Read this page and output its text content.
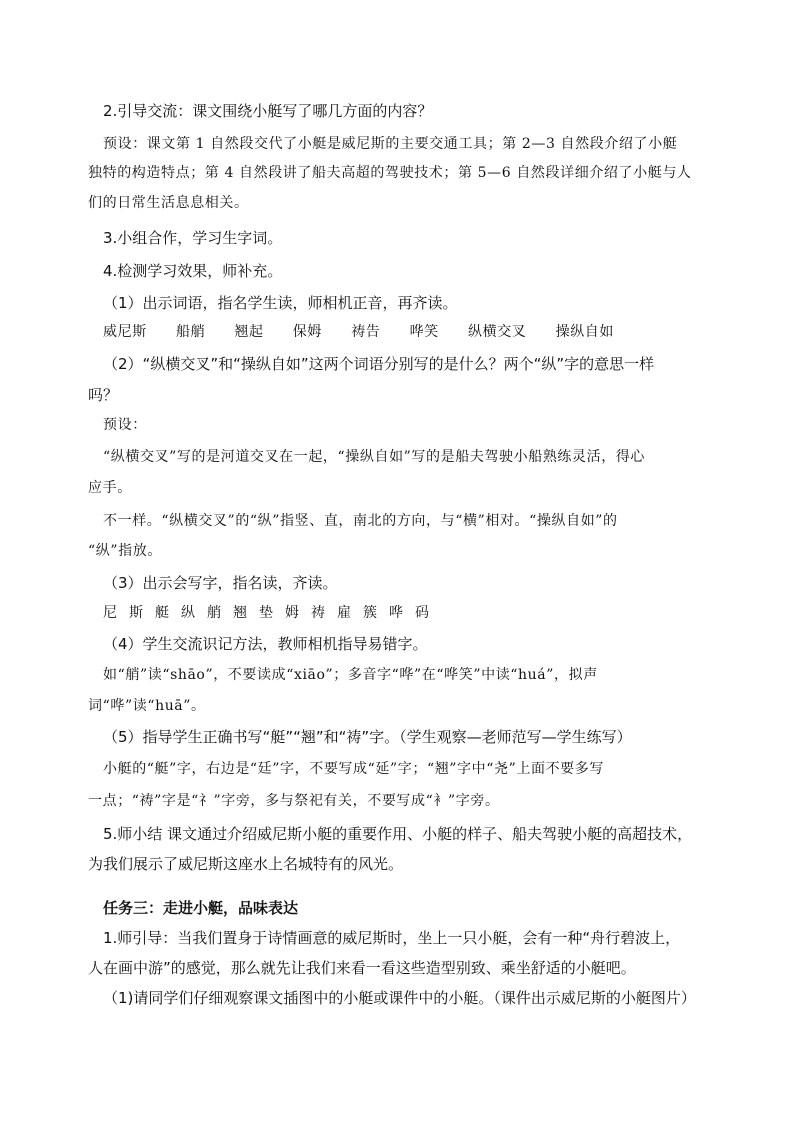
2.引导交流：课文围绕小艇写了哪几方面的内容？
预设：课文第 1 自然段交代了小艇是威尼斯的主要交通工具；第 2—3 自然段介绍了小艇
独特的构造特点；第 4 自然段讲了船夫高超的驾驶技术；第 5—6 自然段详细介绍了小艇与人
们的日常生活息息相关。
3.小组合作，学习生字词。
4.检测学习效果，师补充。
（1）出示词语，指名学生读，师相机正音，再齐读。
威尼斯　　船艄　　翘起　　保姆　　祷告　　哗笑　　纵横交叉　　操纵自如
（2）“纵横交叉”和“操纵自如”这两个词语分别写的是什么？两个“纵”字的意思一样
吗？
预设：
“纵横交叉”写的是河道交叉在一起，“操纵自如”写的是船夫驾驶小船熟练灵活，得心
应手。
不一样。“纵横交叉”的“纵”指竖、直，南北的方向，与“横”相对。“操纵自如”的
“纵”指放。
（3）出示会写字，指名读，齐读。
尼斯艇纵艄翘垫姆祷雇簇哗码
（4）学生交流识记方法，教师相机指导易错字。
如“艄”读“shāo”，不要读成“xiāo”；多音字“哗”在“哗笑”中读“huá”，拟声
词“哗”读“huā”。
（5）指导学生正确书写“艇”“翘”和“祷”字。（学生观察—老师范写—学生练写）
小艇的“艇”字，右边是“廷”字，不要写成“延”字；“翘”字中“尧”上面不要多写
一点；“祷”字是“礻”字旁，多与祭祀有关，不要写成“衤”字旁。
5.师小结 课文通过介绍威尼斯小艇的重要作用、小艇的样子、船夫驾驶小艇的高超技术，
为我们展示了威尼斯这座水上名城特有的风光。
任务三：走进小艇，品味表达
1.师引导：当我们置身于诗情画意的威尼斯时，坐上一只小艇，会有一种“舟行碧波上，
人在画中游”的感觉，那么就先让我们来看一看这些造型别致、乘坐舒适的小艇吧。
（1)请同学们仔细观察课文插图中的小艇或课件中的小艇。（课件出示威尼斯的小艇图片）
